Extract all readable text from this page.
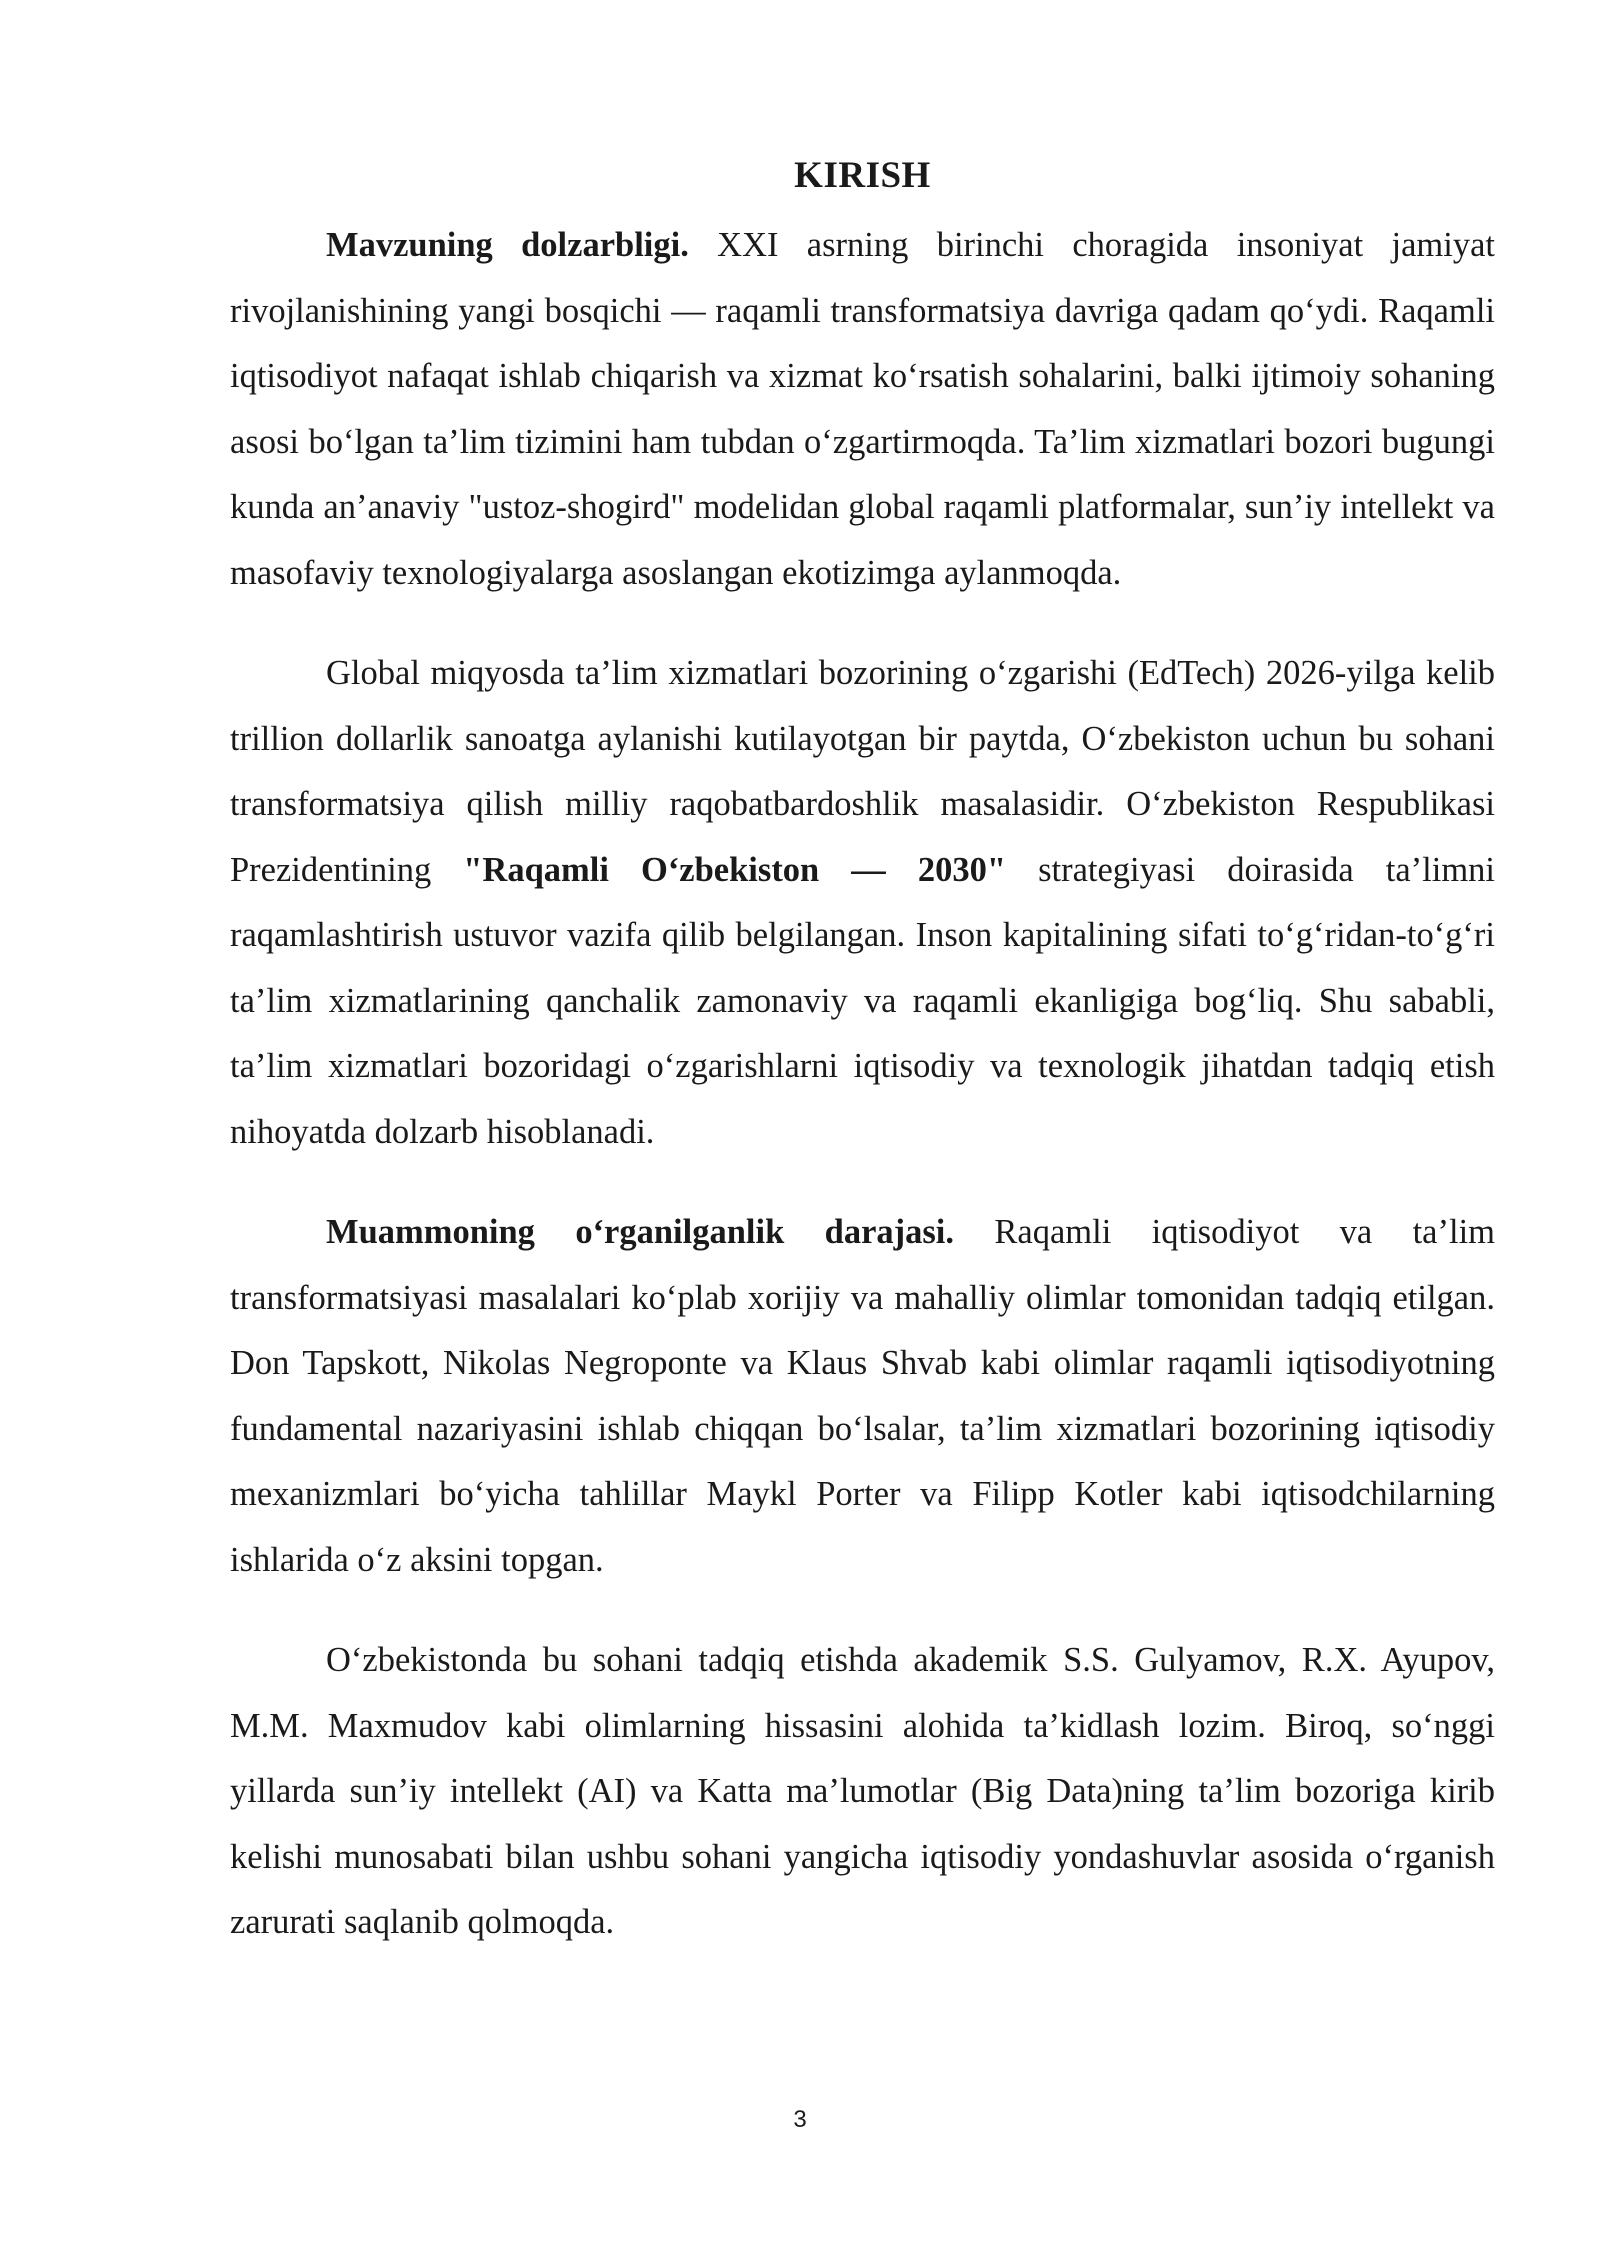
KIRISH

Mavzuning dolzarbligi. XXI asrning birinchi choragida insoniyat jamiyat rivojlanishining yangi bosqichi — raqamli transformatsiya davriga qadam qo‘ydi. Raqamli iqtisodiyot nafaqat ishlab chiqarish va xizmat ko‘rsatish sohalarini, balki ijtimoiy sohaning asosi bo‘lgan ta’lim tizimini ham tubdan o‘zgartirmoqda. Ta’lim xizmatlari bozori bugungi kunda an’anaviy "ustoz-shogird" modelidan global raqamli platformalar, sun’iy intellekt va masofaviy texnologiyalarga asoslangan ekotizimga aylanmoqda.

Global miqyosda ta’lim xizmatlari bozorining o‘zgarishi (EdTech) 2026-yilga kelib trillion dollarlik sanoatga aylanishi kutilayotgan bir paytda, O‘zbekiston uchun bu sohani transformatsiya qilish milliy raqobatbardoshlik masalasidir. O‘zbekiston Respublikasi Prezidentining "Raqamli O‘zbekiston — 2030" strategiyasi doirasida ta’limni raqamlashtirish ustuvor vazifa qilib belgilangan. Inson kapitalining sifati to‘g‘ridan-to‘g‘ri ta’lim xizmatlarining qanchalik zamonaviy va raqamli ekanligiga bog‘liq. Shu sababli, ta’lim xizmatlari bozoridagi o‘zgarishlarni iqtisodiy va texnologik jihatdan tadqiq etish nihoyatda dolzarb hisoblanadi.

Muammoning o‘rganilganlik darajasi. Raqamli iqtisodiyot va ta’lim transformatsiyasi masalalari ko‘plab xorijiy va mahalliy olimlar tomonidan tadqiq etilgan. Don Tapskott, Nikolas Negroponte va Klaus Shvab kabi olimlar raqamli iqtisodiyotning fundamental nazariyasini ishlab chiqqan bo‘lsalar, ta’lim xizmatlari bozorining iqtisodiy mexanizmlari bo‘yicha tahlillar Maykl Porter va Filipp Kotler kabi iqtisodchilarning ishlarida o‘z aksini topgan.

O‘zbekistonda bu sohani tadqiq etishda akademik S.S. Gulyamov, R.X. Ayupov, M.M. Maxmudov kabi olimlarning hissasini alohida ta’kidlash lozim. Biroq, so‘nggi yillarda sun’iy intellekt (AI) va Katta ma’lumotlar (Big Data)ning ta’lim bozoriga kirib kelishi munosabati bilan ushbu sohani yangicha iqtisodiy yondashuvlar asosida o‘rganish zarurati saqlanib qolmoqda.

3
